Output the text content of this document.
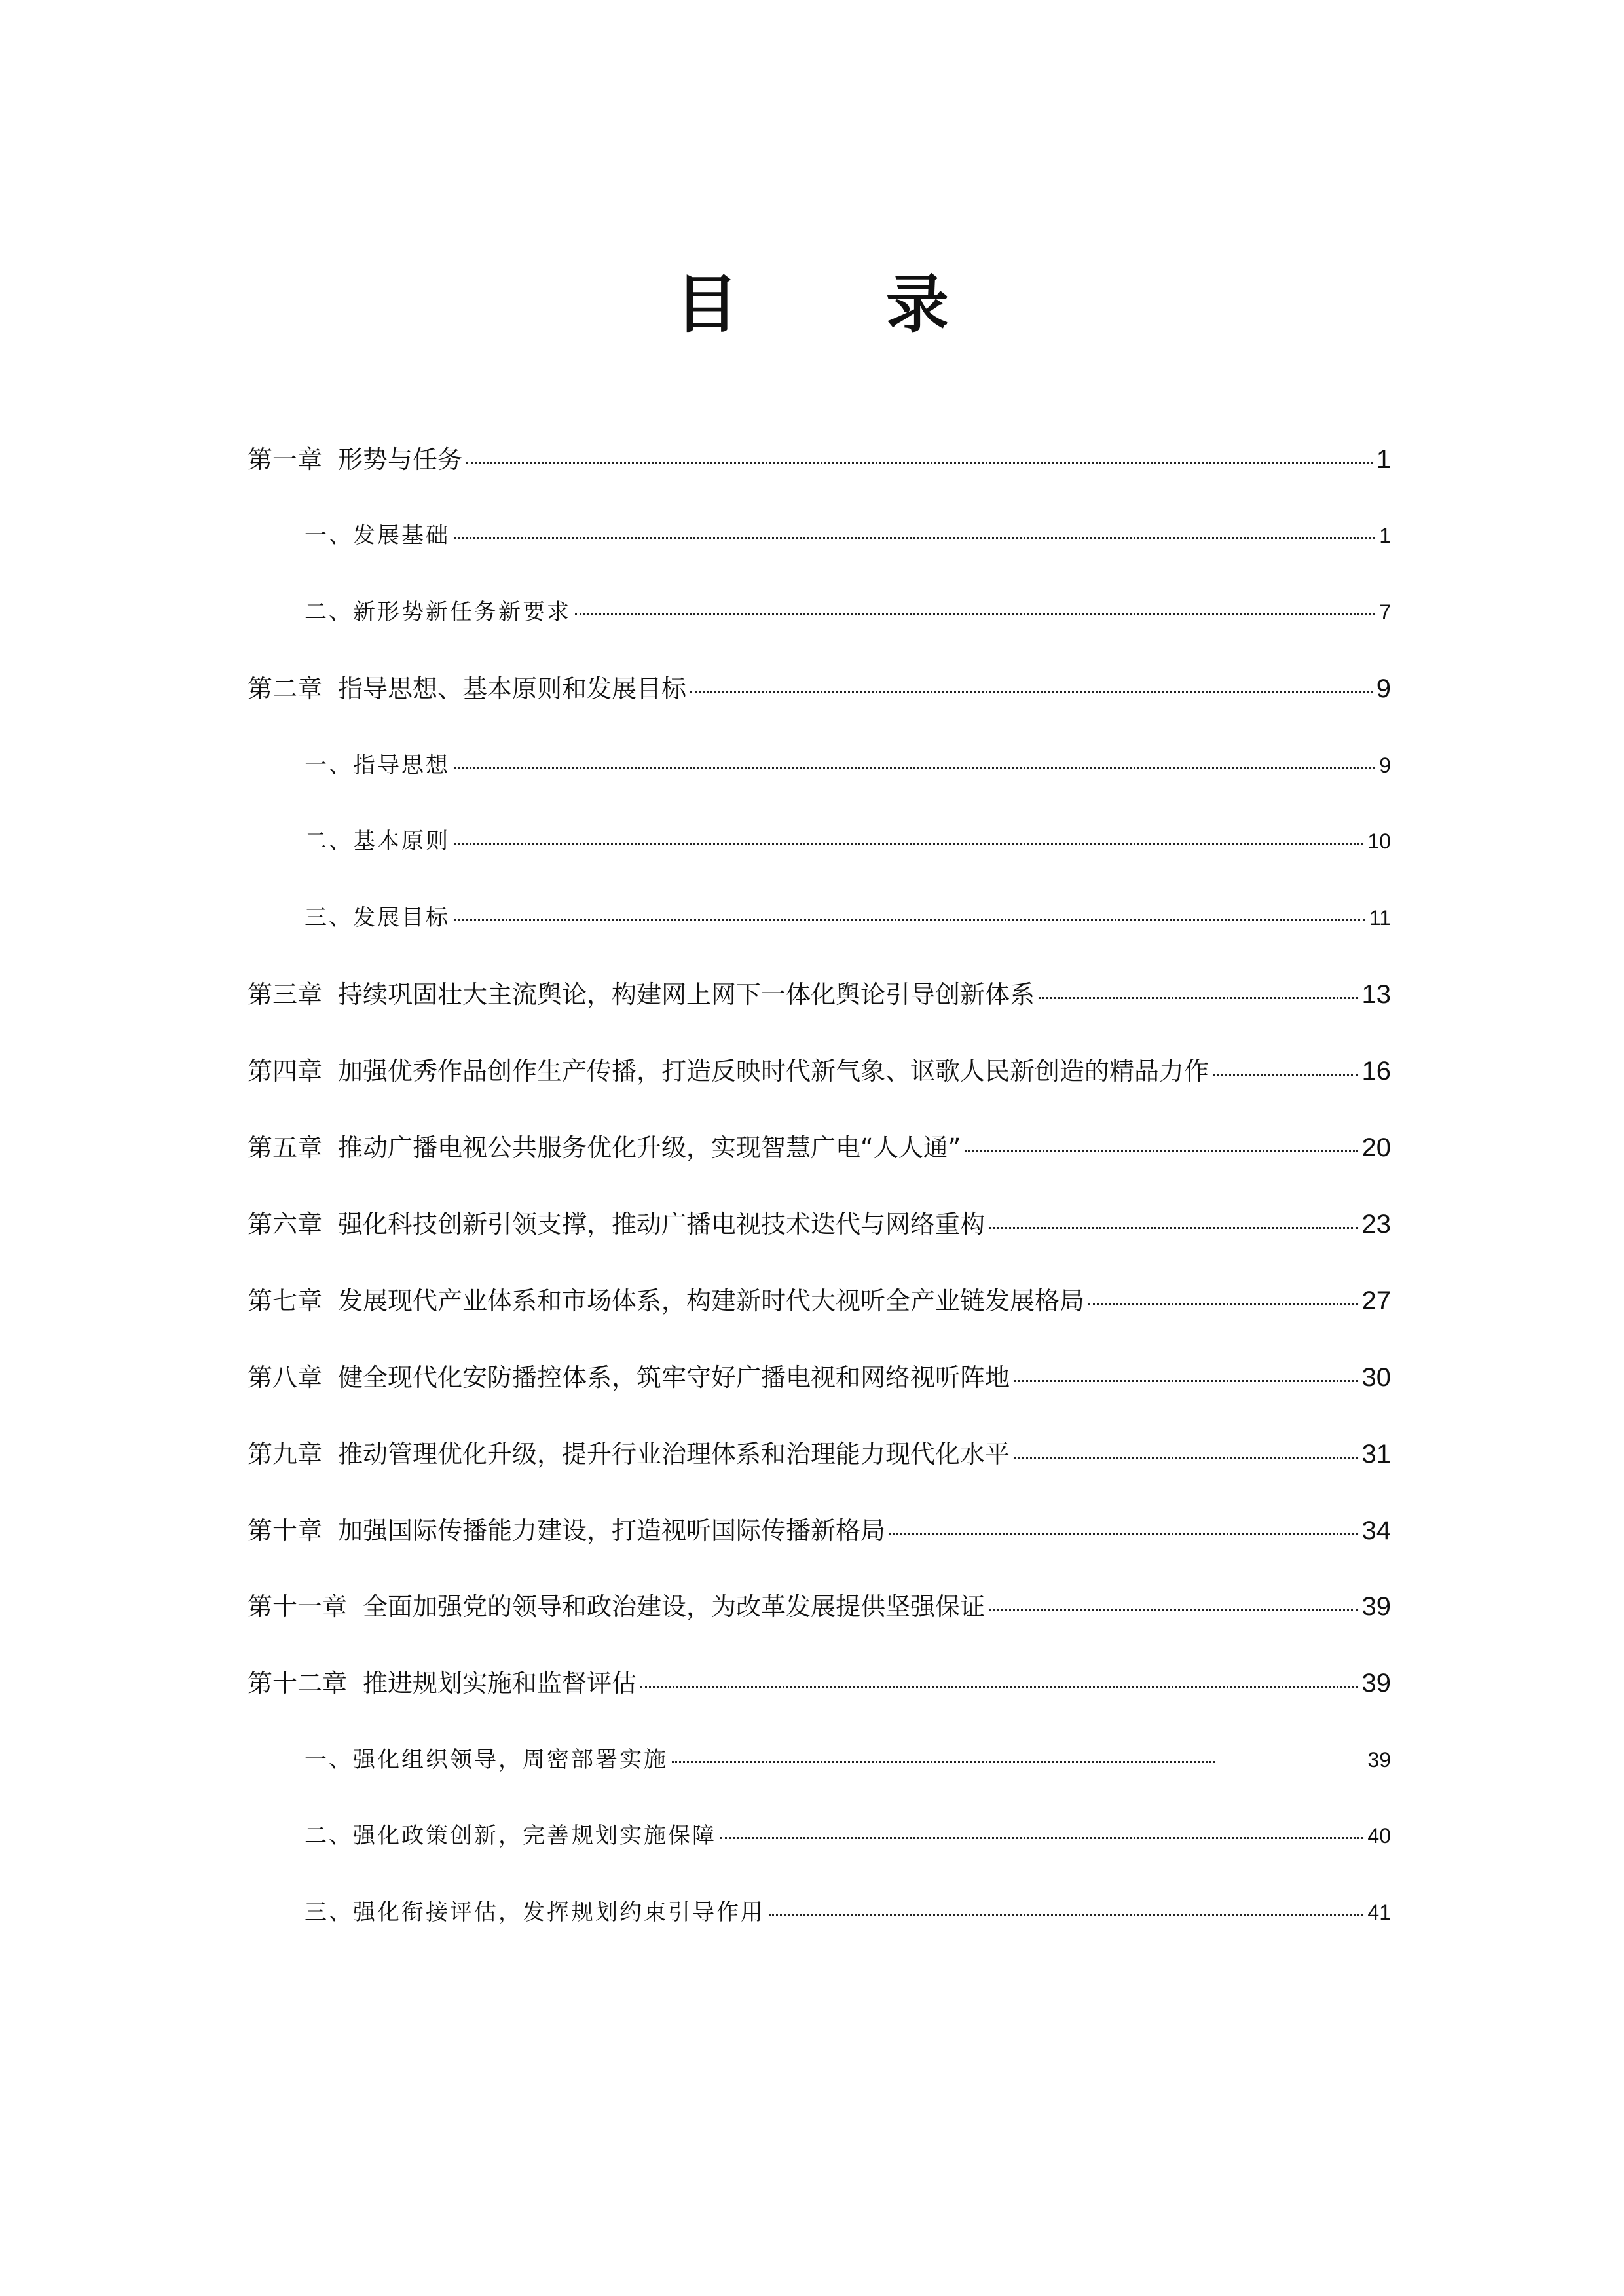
目 录
第一章 形势与任务	1
一、发展基础	1
二、新形势新任务新要求	7
第二章 指导思想、基本原则和发展目标	9
一、指导思想	9
二、基本原则	10
三、发展目标	11
第三章 持续巩固壮大主流舆论，构建网上网下一体化舆论引导创新体系	13
第四章 加强优秀作品创作生产传播，打造反映时代新气象、讴歌人民新创造的精品力作	16
第五章 推动广播电视公共服务优化升级，实现智慧广电“人人通”	20
第六章 强化科技创新引领支撑，推动广播电视技术迭代与网络重构	23
第七章 发展现代产业体系和市场体系，构建新时代大视听全产业链发展格局	27
第八章 健全现代化安防播控体系，筑牢守好广播电视和网络视听阵地	30
第九章 推动管理优化升级，提升行业治理体系和治理能力现代化水平	31
第十章 加强国际传播能力建设，打造视听国际传播新格局	34
第十一章 全面加强党的领导和政治建设，为改革发展提供坚强保证	39
第十二章 推进规划实施和监督评估	39
一、强化组织领导，周密部署实施	39
二、强化政策创新，完善规划实施保障	40
三、强化衔接评估，发挥规划约束引导作用	41
